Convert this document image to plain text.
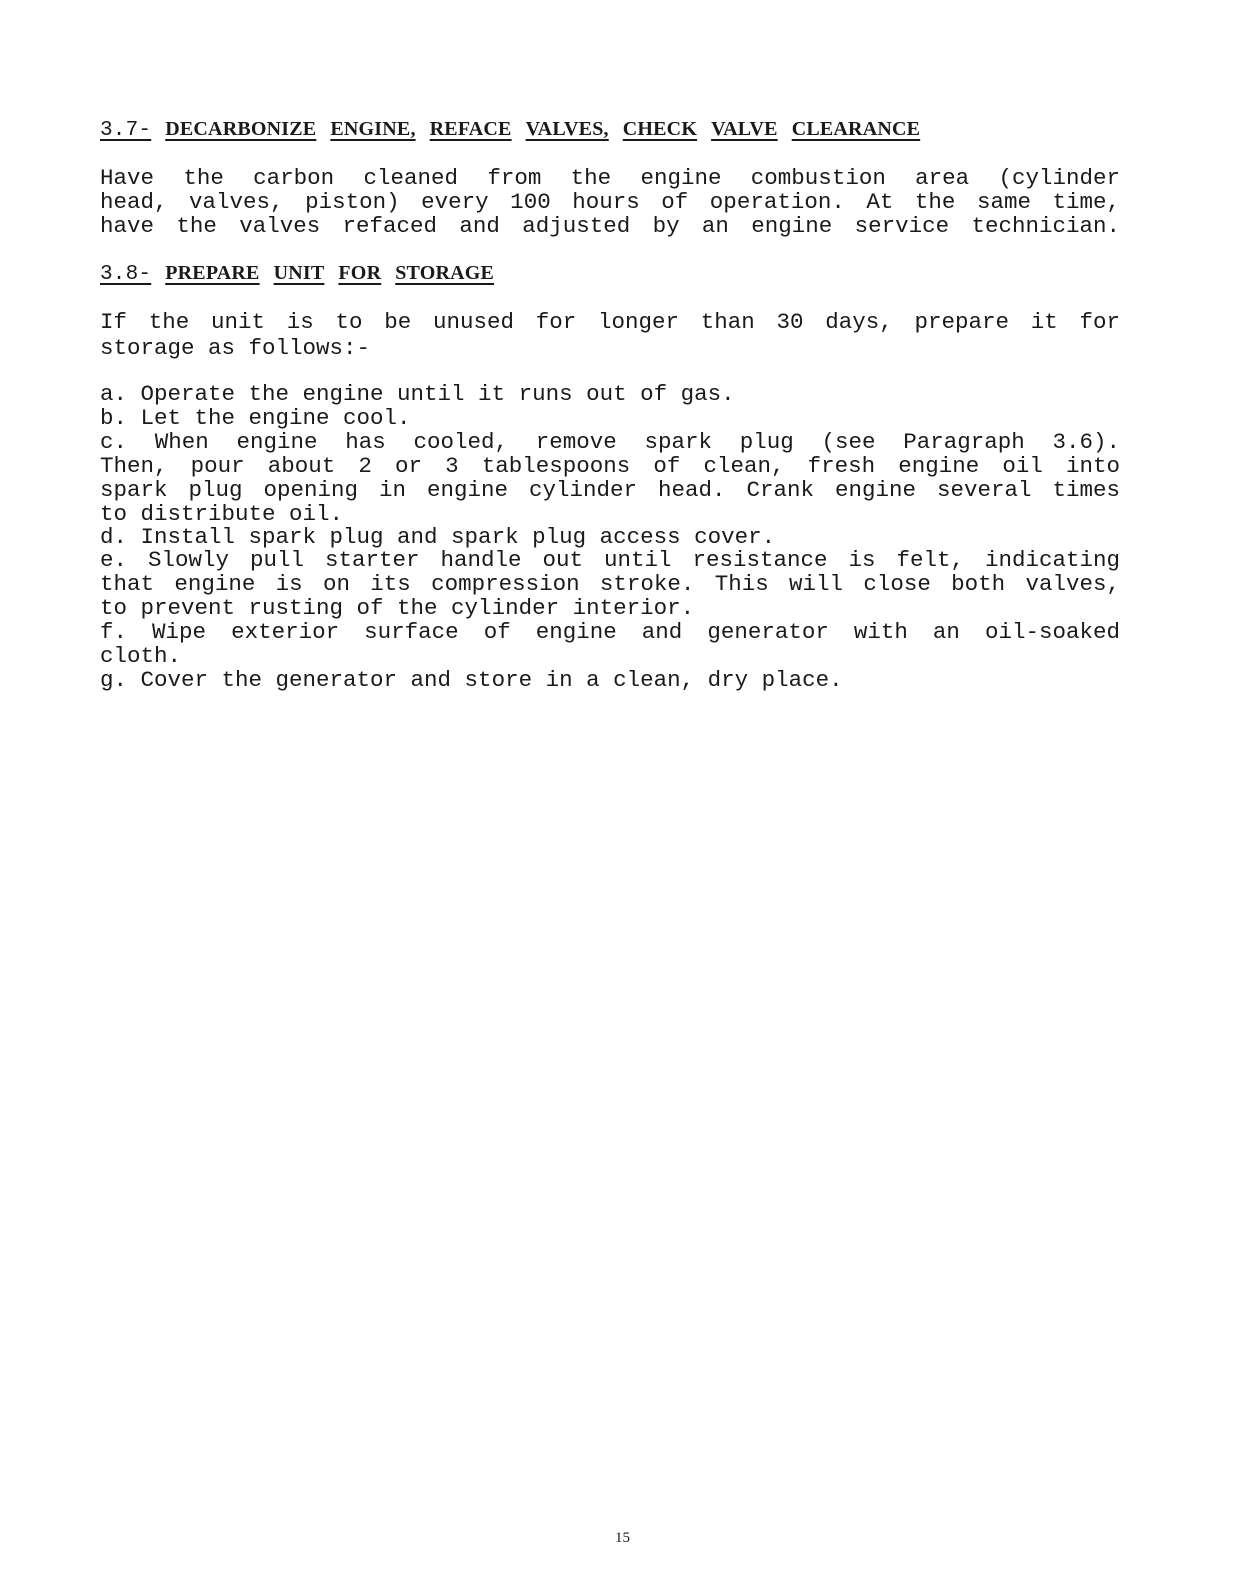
3.7- DECARBONIZE ENGINE, REFACE VALVES, CHECK VALVE CLEARANCE
Have the carbon cleaned from the engine combustion area (cylinder
head, valves, piston) every 100 hours of operation. At the same time,
have the valves refaced and adjusted by an engine service technician.
3.8- PREPARE UNIT FOR STORAGE
If the unit is to be unused for longer than 30 days, prepare it for
storage as follows:-
a. Operate the engine until it runs out of gas.
b. Let the engine cool.
c. When engine has cooled, remove spark plug (see Paragraph 3.6).
Then, pour about 2 or 3 tablespoons of clean, fresh engine oil into
spark plug opening in engine cylinder head. Crank engine several times
to distribute oil.
d. Install spark plug and spark plug access cover.
e. Slowly pull starter handle out until resistance is felt, indicating
that engine is on its compression stroke. This will close both valves,
to prevent rusting of the cylinder interior.
f. Wipe exterior surface of engine and generator with an oil-soaked
cloth.
g. Cover the generator and store in a clean, dry place.
15
